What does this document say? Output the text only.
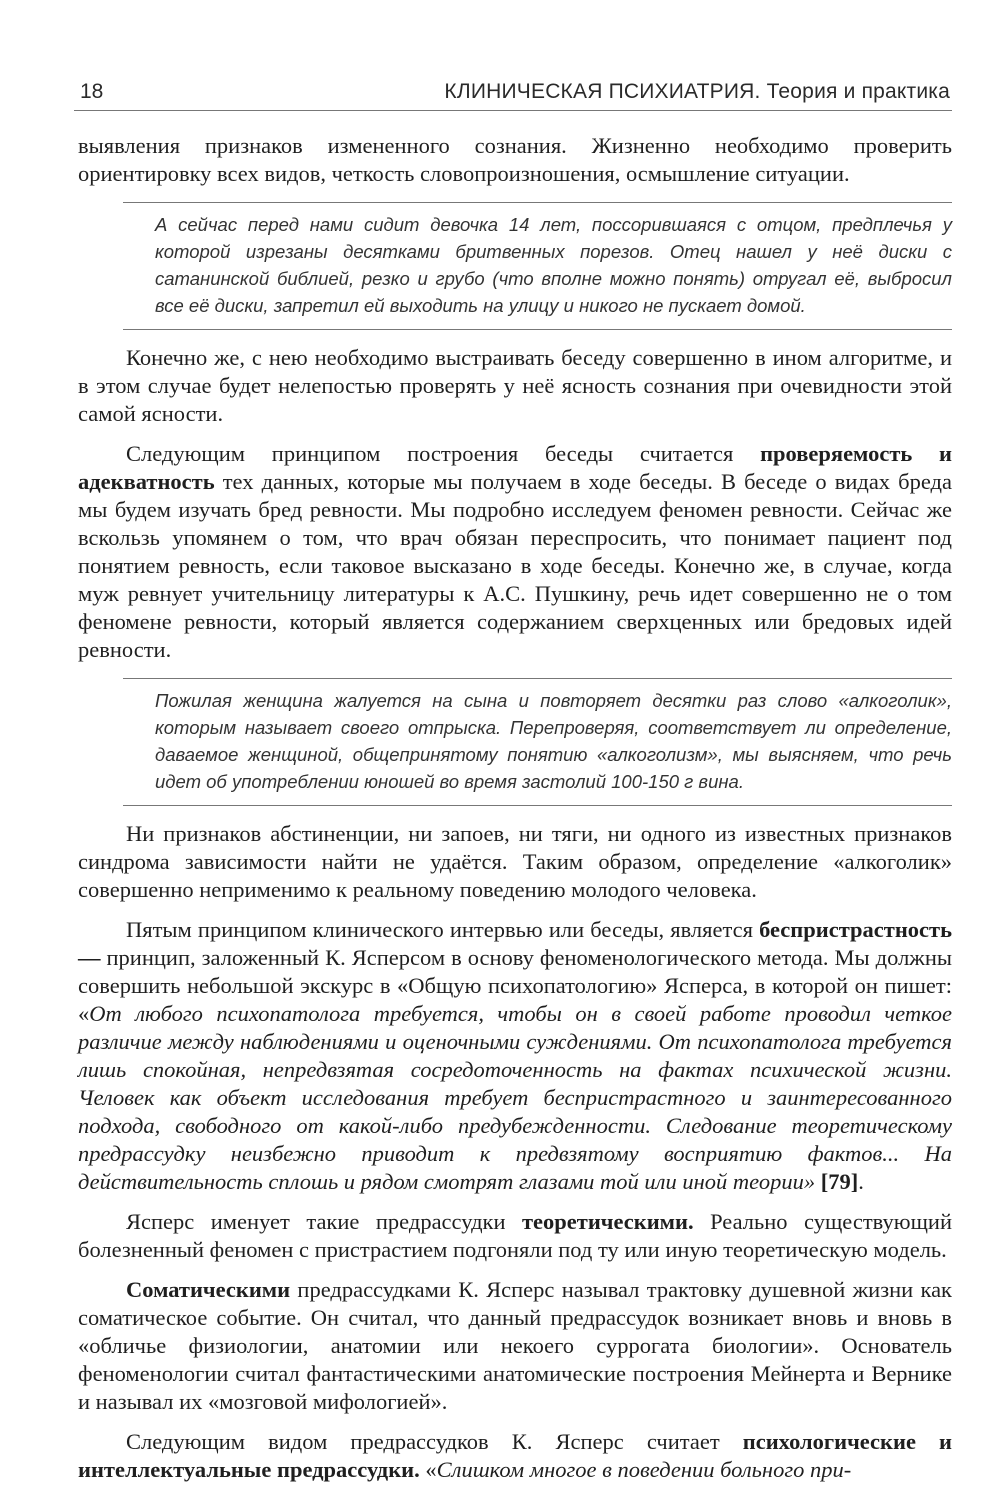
18	КЛИНИЧЕСКАЯ ПСИХИАТРИЯ. Теория и практика

выявления признаков измененного сознания. Жизненно необходимо проверить ориентировку всех видов, четкость словопроизношения, осмышление ситуации.

А сейчас перед нами сидит девочка 14 лет, поссорившаяся с отцом, предплечья у которой изрезаны десятками бритвенных порезов. Отец нашел у неё диски с сатанинской библией, резко и грубо (что вполне можно понять) отругал её, выбросил все её диски, запретил ей выходить на улицу и никого не пускает домой.

Конечно же, с нею необходимо выстраивать беседу совершенно в ином алгоритме, и в этом случае будет нелепостью проверять у неё ясность сознания при очевидности этой самой ясности.

Следующим принципом построения беседы считается проверяемость и адекватность тех данных, которые мы получаем в ходе беседы. В беседе о видах бреда мы будем изучать бред ревности. Мы подробно исследуем феномен ревности. Сейчас же вскользь упомянем о том, что врач обязан переспросить, что понимает пациент под понятием ревность, если таковое высказано в ходе беседы. Конечно же, в случае, когда муж ревнует учительницу литературы к А.С. Пушкину, речь идет совершенно не о том феномене ревности, который является содержанием сверхценных или бредовых идей ревности.

Пожилая женщина жалуется на сына и повторяет десятки раз слово «алкоголик», которым называет своего отпрыска. Перепроверяя, соответствует ли определение, даваемое женщиной, общепринятому понятию «алкоголизм», мы выясняем, что речь идет об употреблении юношей во время застолий 100-150 г вина.

Ни признаков абстиненции, ни запоев, ни тяги, ни одного из известных признаков синдрома зависимости найти не удаётся. Таким образом, определение «алкоголик» совершенно неприменимо к реальному поведению молодого человека.

Пятым принципом клинического интервью или беседы, является беспристрастность — принцип, заложенный К. Ясперсом в основу феноменологического метода. Мы должны совершить небольшой экскурс в «Общую психопатологию» Ясперса, в которой он пишет: «От любого психопатолога требуется, чтобы он в своей работе проводил четкое различие между наблюдениями и оценочными суждениями. От психопатолога требуется лишь спокойная, непредвзятая сосредоточенность на фактах психической жизни. Человек как объект исследования требует беспристрастного и заинтересованного подхода, свободного от какой-либо предубежденности. Следование теоретическому предрассудку неизбежно приводит к предвзятому восприятию фактов... На действительность сплошь и рядом смотрят глазами той или иной теории» [79].

Ясперс именует такие предрассудки теоретическими. Реально существующий болезненный феномен с пристрастием подгоняли под ту или иную теоретическую модель.

Соматическими предрассудками К. Ясперс называл трактовку душевной жизни как соматическое событие. Он считал, что данный предрассудок возникает вновь и вновь в «обличье физиологии, анатомии или некоего суррогата биологии». Основатель феноменологии считал фантастическими анатомические построения Мейнерта и Вернике и называл их «мозговой мифологией».

Следующим видом предрассудков К. Ясперс считает психологические и интеллектуальные предрассудки. «Слишком многое в поведении больного при-
